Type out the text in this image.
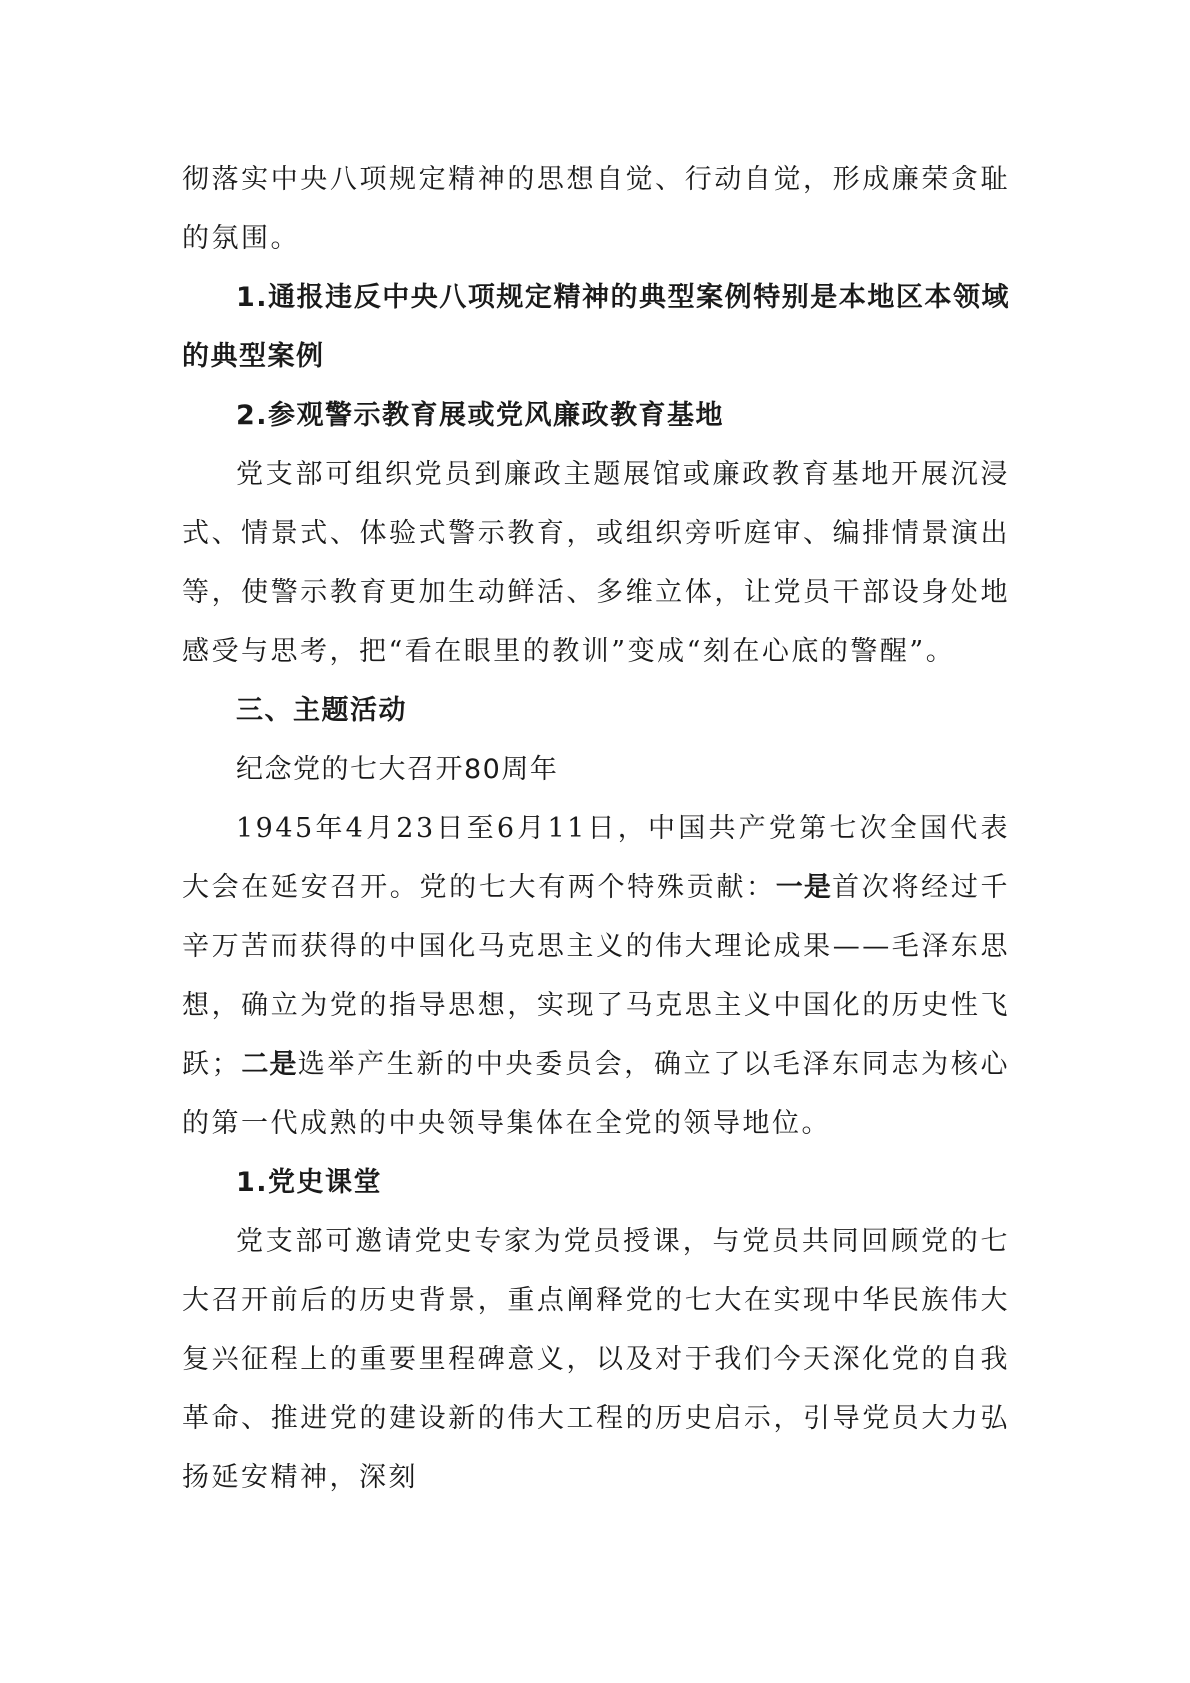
彻落实中央八项规定精神的思想自觉、行动自觉，形成廉荣贪耻的氛围。

1.通报违反中央八项规定精神的典型案例特别是本地区本领域的典型案例

2.参观警示教育展或党风廉政教育基地

党支部可组织党员到廉政主题展馆或廉政教育基地开展沉浸式、情景式、体验式警示教育，或组织旁听庭审、编排情景演出等，使警示教育更加生动鲜活、多维立体，让党员干部设身处地感受与思考，把“看在眼里的教训”变成“刻在心底的警醒”。

三、主题活动

纪念党的七大召开80周年

1945年4月23日至6月11日，中国共产党第七次全国代表大会在延安召开。党的七大有两个特殊贡献：一是首次将经过千辛万苦而获得的中国化马克思主义的伟大理论成果——毛泽东思想，确立为党的指导思想，实现了马克思主义中国化的历史性飞跃；二是选举产生新的中央委员会，确立了以毛泽东同志为核心的第一代成熟的中央领导集体在全党的领导地位。

1.党史课堂

党支部可邀请党史专家为党员授课，与党员共同回顾党的七大召开前后的历史背景，重点阐释党的七大在实现中华民族伟大复兴征程上的重要里程碑意义，以及对于我们今天深化党的自我革命、推进党的建设新的伟大工程的历史启示，引导党员大力弘扬延安精神，深刻
